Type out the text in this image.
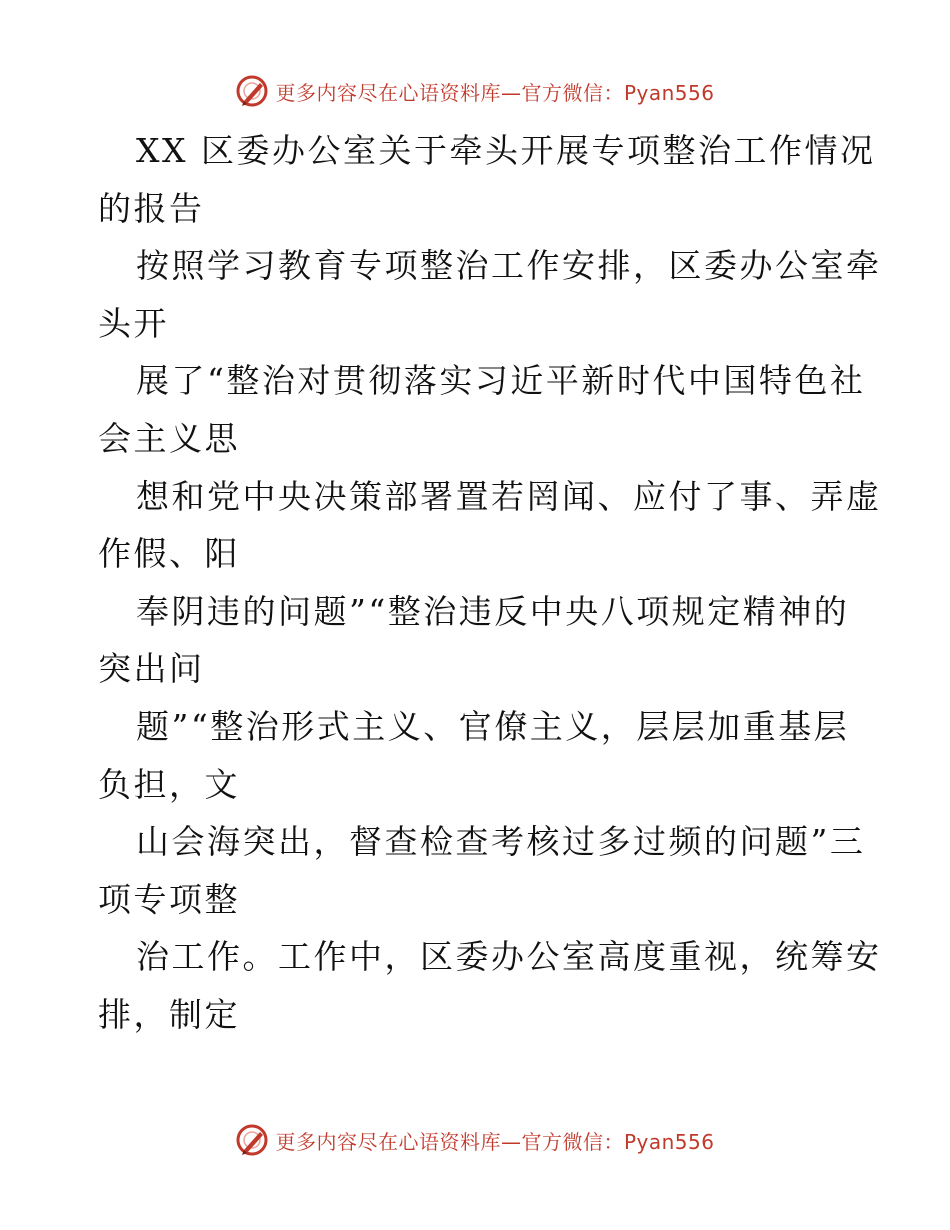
更多内容尽在心语资料库—官方微信：Pyan556
XX 区委办公室关于牵头开展专项整治工作情况
的报告
按照学习教育专项整治工作安排，区委办公室牵
头开
展了“整治对贯彻落实习近平新时代中国特色社
会主义思
想和党中央决策部署置若罔闻、应付了事、弄虚
作假、阳
奉阴违的问题”“整治违反中央八项规定精神的
突出问
题”“整治形式主义、官僚主义，层层加重基层
负担，文
山会海突出，督查检查考核过多过频的问题”三
项专项整
治工作。工作中，区委办公室高度重视，统筹安
排，制定
更多内容尽在心语资料库—官方微信：Pyan556
